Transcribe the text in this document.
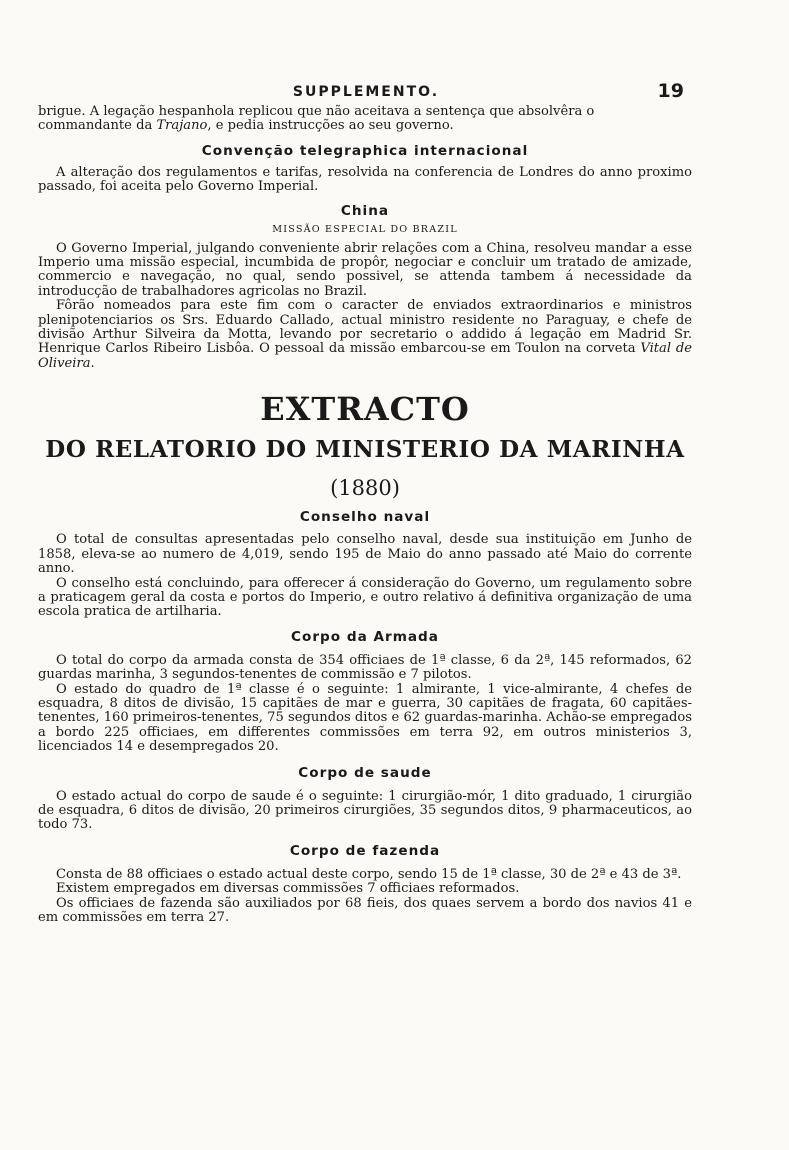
SUPPLEMENTO.	19

brigue. A legação hespanhola replicou que não aceitava a sentença que absolvêra o
commandante da Trajano, e pedia instrucções ao seu governo.

Convenção telegraphica internacional

A alteração dos regulamentos e tarifas, resolvida na conferencia de Londres do anno proximo passado, foi aceita pelo Governo Imperial.

China
MISSÃO ESPECIAL DO BRAZIL

O Governo Imperial, julgando conveniente abrir relações com a China, resolveu mandar a esse Imperio uma missão especial, incumbida de propôr, negociar e concluir um tratado de amizade, commercio e navegação, no qual, sendo possivel, se attenda tambem á necessidade da introducção de trabalhadores agricolas no Brazil.

Fôrão nomeados para este fim com o caracter de enviados extraordinarios e ministros plenipotenciarios os Srs. Eduardo Callado, actual ministro residente no Paraguay, e chefe de divisão Arthur Silveira da Motta, levando por secretario o addido á legação em Madrid Sr. Henrique Carlos Ribeiro Lisbôa. O pessoal da missão embarcou-se em Toulon na corveta Vital de Oliveira.

EXTRACTO
DO RELATORIO DO MINISTERIO DA MARINHA
(1880)
Conselho naval

O total de consultas apresentadas pelo conselho naval, desde sua instituição em Junho de 1858, eleva-se ao numero de 4,019, sendo 195 de Maio do anno passado até Maio do corrente anno.

O conselho está concluindo, para offerecer á consideração do Governo, um regulamento sobre a praticagem geral da costa e portos do Imperio, e outro relativo á definitiva organização de uma escola pratica de artilharia.

Corpo da Armada

O total do corpo da armada consta de 354 officiaes de 1ª classe, 6 da 2ª, 145 reformados, 62 guardas marinha, 3 segundos-tenentes de commissão e 7 pilotos.

O estado do quadro de 1ª classe é o seguinte: 1 almirante, 1 vice-almirante, 4 chefes de esquadra, 8 ditos de divisão, 15 capitães de mar e guerra, 30 capitães de fragata, 60 capitães-tenentes, 160 primeiros-tenentes, 75 segundos ditos e 62 guardas-marinha. Achão-se empregados a bordo 225 officiaes, em differentes commissões em terra 92, em outros ministerios 3, licenciados 14 e desempregados 20.

Corpo de saude

O estado actual do corpo de saude é o seguinte: 1 cirurgião-mór, 1 dito graduado, 1 cirurgião de esquadra, 6 ditos de divisão, 20 primeiros cirurgiões, 35 segundos ditos, 9 pharmaceuticos, ao todo 73.

Corpo de fazenda

Consta de 88 officiaes o estado actual deste corpo, sendo 15 de 1ª classe, 30 de 2ª e 43 de 3ª.

Existem empregados em diversas commissões 7 officiaes reformados.

Os officiaes de fazenda são auxiliados por 68 fieis, dos quaes servem a bordo dos navios 41 e em commissões em terra 27.
